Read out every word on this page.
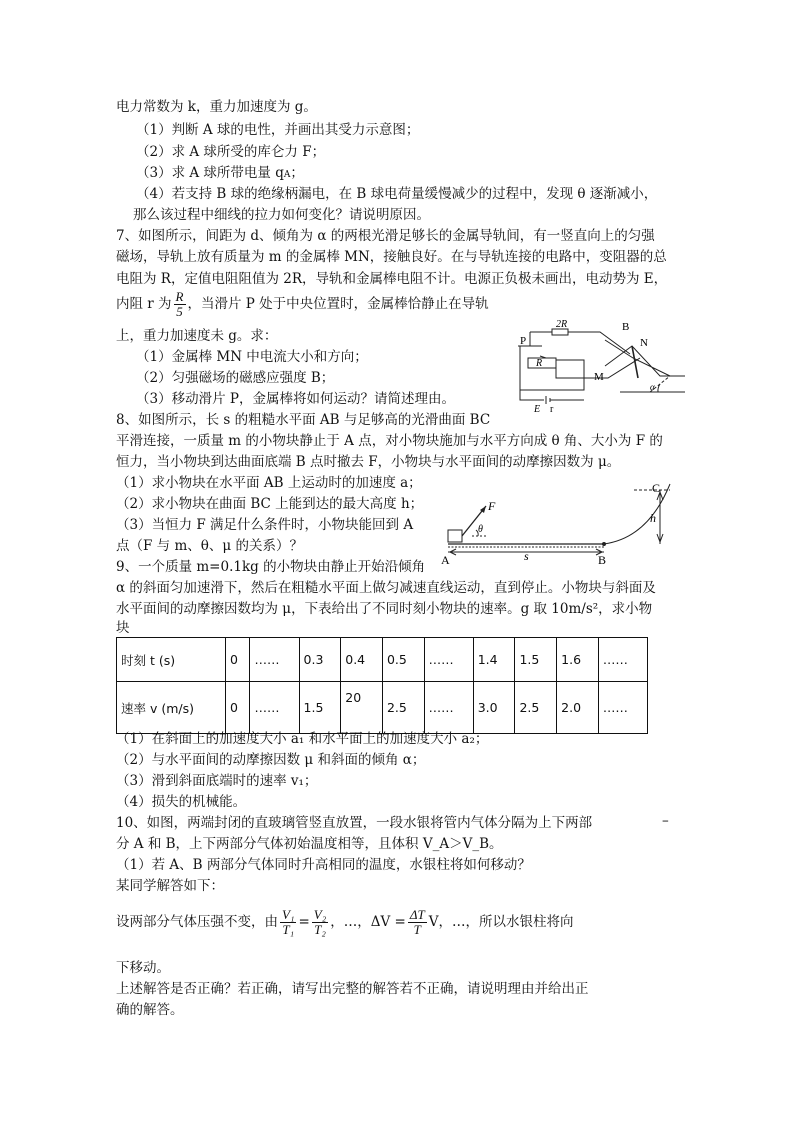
电力常数为 k，重力加速度为 g。
（1）判断 A 球的电性，并画出其受力示意图；
（2）求 A 球所受的库仑力 F；
（3）求 A 球所带电量 qA；
（4）若支持 B 球的绝缘柄漏电，在 B 球电荷量缓慢减少的过程中，发现 θ 逐渐减小，
那么该过程中细线的拉力如何变化？请说明原因。
7、如图所示，间距为 d、倾角为 α 的两根光滑足够长的金属导轨间，有一竖直向上的匀强
磁场，导轨上放有质量为 m 的金属棒 MN，接触良好。在与导轨连接的电路中，变阻器的总
电阻为 R，定值电阻阻值为 2R，导轨和金属棒电阻不计。电源正负极未画出，电动势为 E，
内阻 r 为 $\frac{R}{5}$ ，当滑片 P 处于中央位置时，金属棒恰静止在导轨
上，重力加速度未 g。求：
（1）金属棒 MN 中电流大小和方向；
（2）匀强磁场的磁感应强度 B；
（3）移动滑片 P，金属棒将如何运动？请简述理由。
2R
P
R
B
N
M
α
E r
8、如图所示，长 s 的粗糙水平面 AB 与足够高的光滑曲面 BC
平滑连接，一质量 m 的小物块静止于 A 点，对小物块施加与水平方向成 θ 角、大小为 F 的
恒力，当小物块到达曲面底端 B 点时撤去 F，小物块与水平面间的动摩擦因数为 μ。
（1）求小物块在水平面 AB 上运动时的加速度 a；
（2）求小物块在曲面 BC 上能到达的最大高度 h；
（3）当恒力 F 满足什么条件时，小物块能回到 A
点（F 与 m、θ、μ 的关系）？
F
θ
A	s	B
C
h
9、一个质量 m=0.1kg 的小物块由静止开始沿倾角
α 的斜面匀加速滑下，然后在粗糙水平面上做匀减速直线运动，直到停止。小物块与斜面及
水平面间的动摩擦因数均为 μ，下表给出了不同时刻小物块的速率。g 取 10m/s²，求小物
块
时刻 t (s)	0	……	0.3	0.4	0.5	……	1.4	1.5	1.6	……
速率 v (m/s)	0	……	1.5	20	2.5	……	3.0	2.5	2.0	……
（1）在斜面上的加速度大小 a₁ 和水平面上的加速度大小 a₂；
（2）与水平面间的动摩擦因数 μ 和斜面的倾角 α；
（3）滑到斜面底端时的速率 v₁；
（4）损失的机械能。
10、如图，两端封闭的直玻璃管竖直放置，一段水银将管内气体分隔为上下两部	–
分 A 和 B，上下两部分气体初始温度相等，且体积 V_A＞V_B。
（1）若 A、B 两部分气体同时升高相同的温度，水银柱将如何移动？
某同学解答如下：
设两部分气体压强不变，由 $\frac{\text{V₁}}{\text{T₁}} = \frac{\text{V₂}}{\text{T₂}}$ ，…，$\Delta V = \frac{\Delta T}{T}$ V，…，所以水银柱将向
下移动。
上述解答是否正确？若正确，请写出完整的解答若不正确，请说明理由并给出正
确的解答。
